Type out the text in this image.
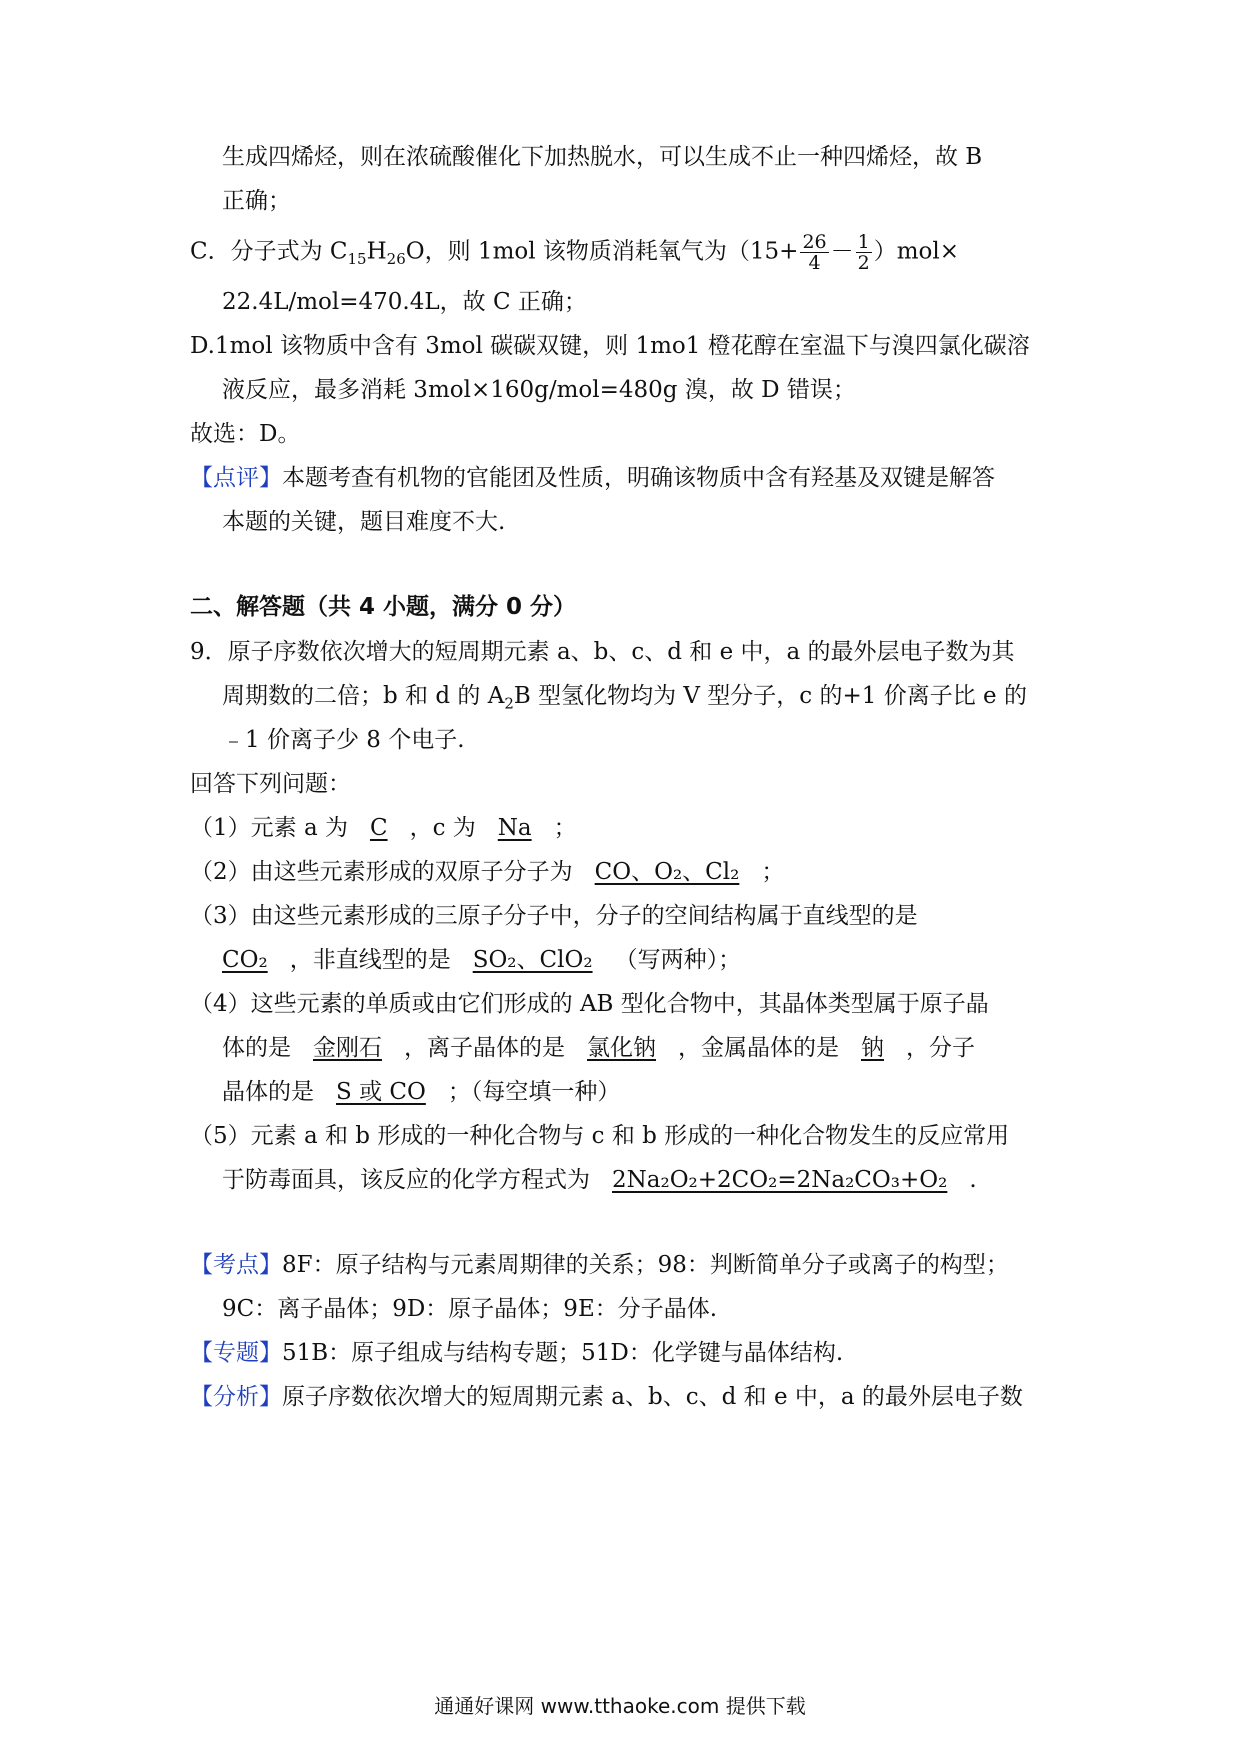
生成四烯烃，则在浓硫酸催化下加热脱水，可以生成不止一种四烯烃，故 B
正确；
C．分子式为 $C_{15}H_{26}O$，则 1mol 该物质消耗氧气为$(15+ \frac{26}{4} - \frac{1}{2} )mol\times$
22.4L/mol=470.4L，故 C 正确；
D.1mol 该物质中含有 3mol 碳碳双键，则 1mo1 橙花醇在室温下与溴四氯化碳溶
液反应，最多消耗 3mol×160g/mol=480g 溴，故 D 错误；
故选：D。
【点评】本题考查有机物的官能团及性质，明确该物质中含有羟基及双键是解答
本题的关键，题目难度不大.
二、解答题（共 4 小题，满分 0 分）
9．原子序数依次增大的短周期元素 a、b、c、d 和 e 中，a 的最外层电子数为其
周期数的二倍；b 和 d 的 $A_2B$ 型氢化物均为 V 型分子，c 的+1 价离子比 e 的
﹣1 价离子少 8 个电子.
回答下列问题：
（1）元素 a 为 C ，c 为 Na ；
（2）由这些元素形成的双原子分子为 CO、O₂、Cl₂ ；
（3）由这些元素形成的三原子分子中，分子的空间结构属于直线型的是
CO₂ ，非直线型的是 SO₂、ClO₂ （写两种）；
（4）这些元素的单质或由它们形成的 AB 型化合物中，其晶体类型属于原子晶
体的是 金刚石 ，离子晶体的是 氯化钠 ，金属晶体的是 钠 ，分子
晶体的是 S 或 CO ；（每空填一种）
（5）元素 a 和 b 形成的一种化合物与 c 和 b 形成的一种化合物发生的反应常用
于防毒面具，该反应的化学方程式为 2Na₂O₂+2CO₂=2Na₂CO₃+O₂ .
【考点】8F：原子结构与元素周期律的关系；98：判断简单分子或离子的构型；
9C：离子晶体；9D：原子晶体；9E：分子晶体.
【专题】51B：原子组成与结构专题；51D：化学键与晶体结构.
【分析】原子序数依次增大的短周期元素 a、b、c、d 和 e 中，a 的最外层电子数
通通好课网 www.tthaoke.com 提供下载
